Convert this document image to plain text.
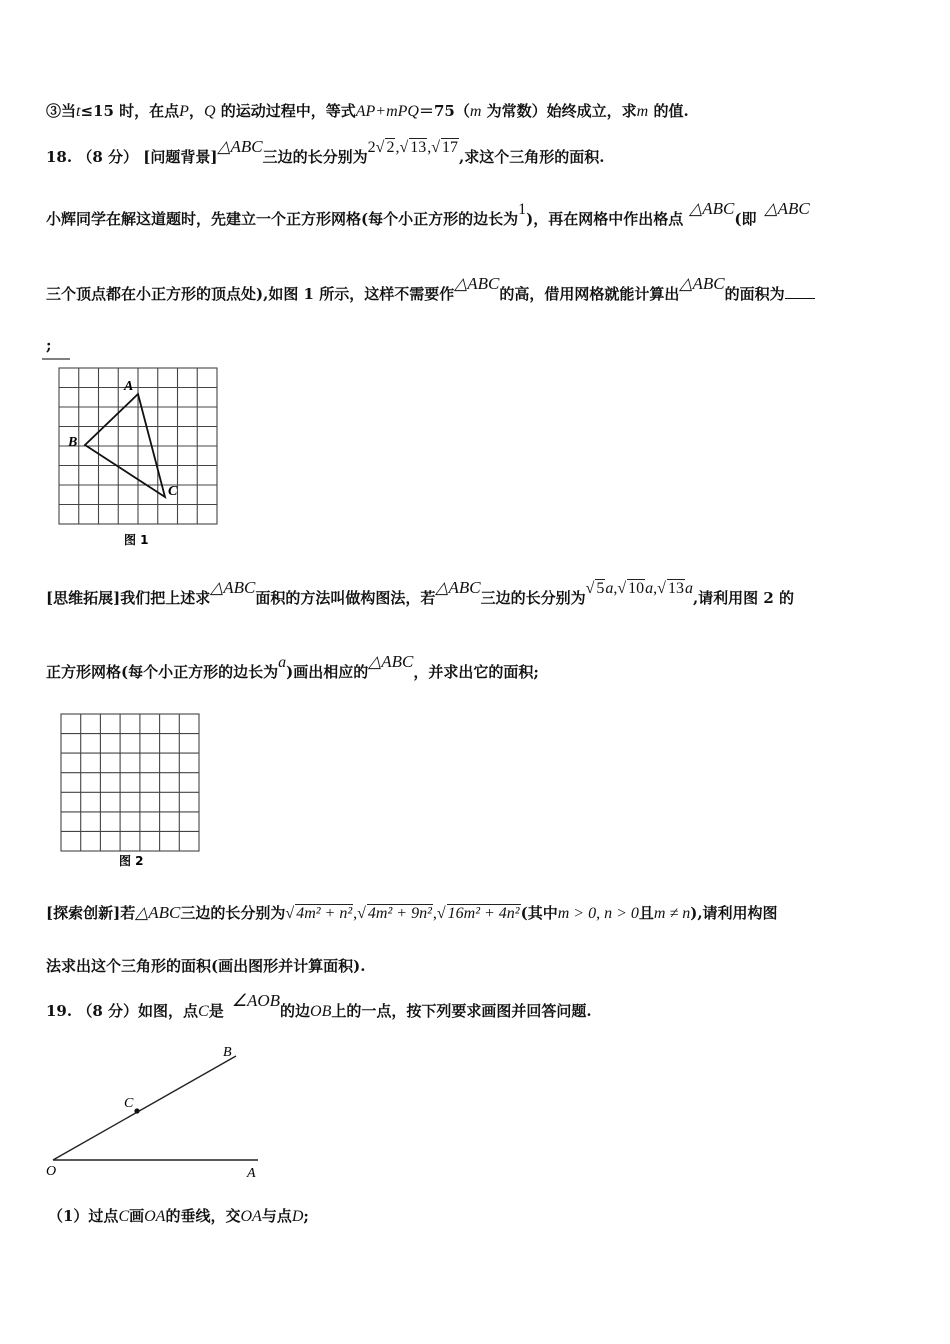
③当t≤15 时，在点P，Q 的运动过程中，等式AP+mPQ＝75（m 为常数）始终成立，求m 的值.
18. （8 分） [问题背景]△ABC三边的长分别为2√ 2,√ 13,√ 17,求这个三角形的面积.
小辉同学在解这道题时，先建立一个正方形网格(每个小正方形的边长为1)，再在网格中作出格点△ABC(即△ABC
三个顶点都在小正方形的顶点处),如图 1 所示，这样不需要作△ABC的高，借用网格就能计算出△ABC的面积为
;
A
B
C
图 1
[思维拓展]我们把上述求△ABC面积的方法叫做构图法，若△ABC三边的长分别为√ 5a,√ 10a,√ 13a,请利用图 2 的
正方形网格(每个小正方形的边长为a)画出相应的△ABC，并求出它的面积;
图 2
[探索创新]若△ABC三边的长分别为√ 4m² + n²,√ 4m² + 9n²,√ 16m² + 4n²(其中m > 0, n > 0且m ≠ n),请利用构图
法求出这个三角形的面积(画出图形并计算面积).
19. （8 分）如图，点C是∠AOB的边OB上的一点，按下列要求画图并回答问题.
B
C
O	A
（1）过点C画OA的垂线，交OA与点D;
